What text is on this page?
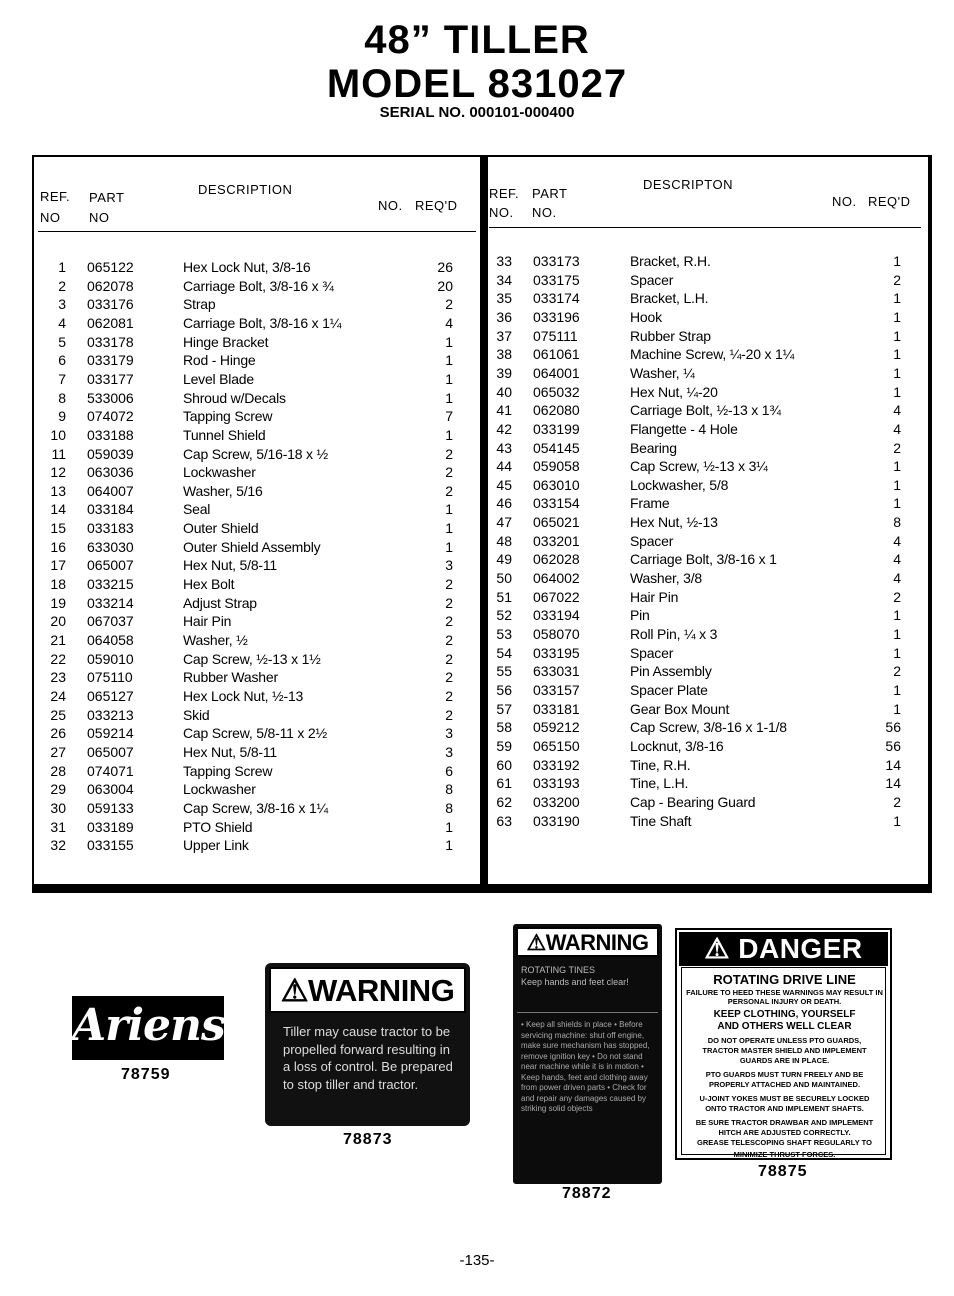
48” TILLER
MODEL 831027
SERIAL NO. 000101-000400
REF.
NO
PART
NO
DESCRIPTION
NO. REQ'D
1 065122	Hex Lock Nut, 3/8-16	26
2 062078	Carriage Bolt, 3/8-16 x ¾	20
3 033176	Strap	2
4 062081	Carriage Bolt, 3/8-16 x 1¼	4
5 033178	Hinge Bracket	1
6 033179	Rod - Hinge	1
7 033177	Level Blade	1
8 533006	Shroud w/Decals	1
9 074072	Tapping Screw	7
10 033188	Tunnel Shield	1
11 059039	Cap Screw, 5/16-18 x ½	2
12 063036	Lockwasher	2
13 064007	Washer, 5/16	2
14 033184	Seal	1
15 033183	Outer Shield	1
16 633030	Outer Shield Assembly	1
17 065007	Hex Nut, 5/8-11	3
18 033215	Hex Bolt	2
19 033214	Adjust Strap	2
20 067037	Hair Pin	2
21 064058	Washer, ½	2
22 059010	Cap Screw, ½-13 x 1½	2
23 075110	Rubber Washer	2
24 065127	Hex Lock Nut, ½-13	2
25 033213	Skid	2
26 059214	Cap Screw, 5/8-11 x 2½	3
27 065007	Hex Nut, 5/8-11	3
28 074071	Tapping Screw	6
29 063004	Lockwasher	8
30 059133	Cap Screw, 3/8-16 x 1¼	8
31 033189	PTO Shield	1
32 033155	Upper Link	1
REF.
NO.
PART
NO.
DESCRIPTON
NO. REQ'D
33 033173	Bracket, R.H.	1
34 033175	Spacer	2
35 033174	Bracket, L.H.	1
36 033196	Hook	1
37 075111	Rubber Strap	1
38 061061	Machine Screw, ¼-20 x 1¼	1
39 064001	Washer, ¼	1
40 065032	Hex Nut, ¼-20	1
41 062080	Carriage Bolt, ½-13 x 1¾	4
42 033199	Flangette - 4 Hole	4
43 054145	Bearing	2
44 059058	Cap Screw, ½-13 x 3¼	1
45 063010	Lockwasher, 5/8	1
46 033154	Frame	1
47 065021	Hex Nut, ½-13	8
48 033201	Spacer	4
49 062028	Carriage Bolt, 3/8-16 x 1	4
50 064002	Washer, 3/8	4
51 067022	Hair Pin	2
52 033194	Pin	1
53 058070	Roll Pin, ¼ x 3	1
54 033195	Spacer	1
55 633031	Pin Assembly	2
56 033157	Spacer Plate	1
57 033181	Gear Box Mount	1
58 059212	Cap Screw, 3/8-16 x 1-1/8	56
59 065150	Locknut, 3/8-16	56
60 033192	Tine, R.H.	14
61 033193	Tine, L.H.	14
62 033200	Cap - Bearing Guard	2
63 033190	Tine Shaft	1
Ariens
78759
⚠WARNING
Tiller may cause tractor to be propelled forward resulting in a loss of control. Be prepared to stop tiller and tractor.
78873
⚠WARNING
ROTATING TINES
Keep hands and feet clear!
• Keep all shields in place • Before servicing machine: shut off engine, make sure mechanism has stopped, remove ignition key • Do not stand near machine while it is in motion • Keep hands, feet and clothing away from power driven parts • Check for and repair any damages caused by striking solid objects
78872
⚠ DANGER
ROTATING DRIVE LINE
FAILURE TO HEED THESE WARNINGS MAY RESULT IN PERSONAL INJURY OR DEATH.
KEEP CLOTHING, YOURSELF
AND OTHERS WELL CLEAR
DO NOT OPERATE UNLESS PTO GUARDS,
TRACTOR MASTER SHIELD AND IMPLEMENT
GUARDS ARE IN PLACE.
PTO GUARDS MUST TURN FREELY AND BE
PROPERLY ATTACHED AND MAINTAINED.
U-JOINT YOKES MUST BE SECURELY LOCKED
ONTO TRACTOR AND IMPLEMENT SHAFTS.
BE SURE TRACTOR DRAWBAR AND IMPLEMENT
HITCH ARE ADJUSTED CORRECTLY.
GREASE TELESCOPING SHAFT REGULARLY TO
MINIMIZE THRUST FORCES.
78875
-135-
